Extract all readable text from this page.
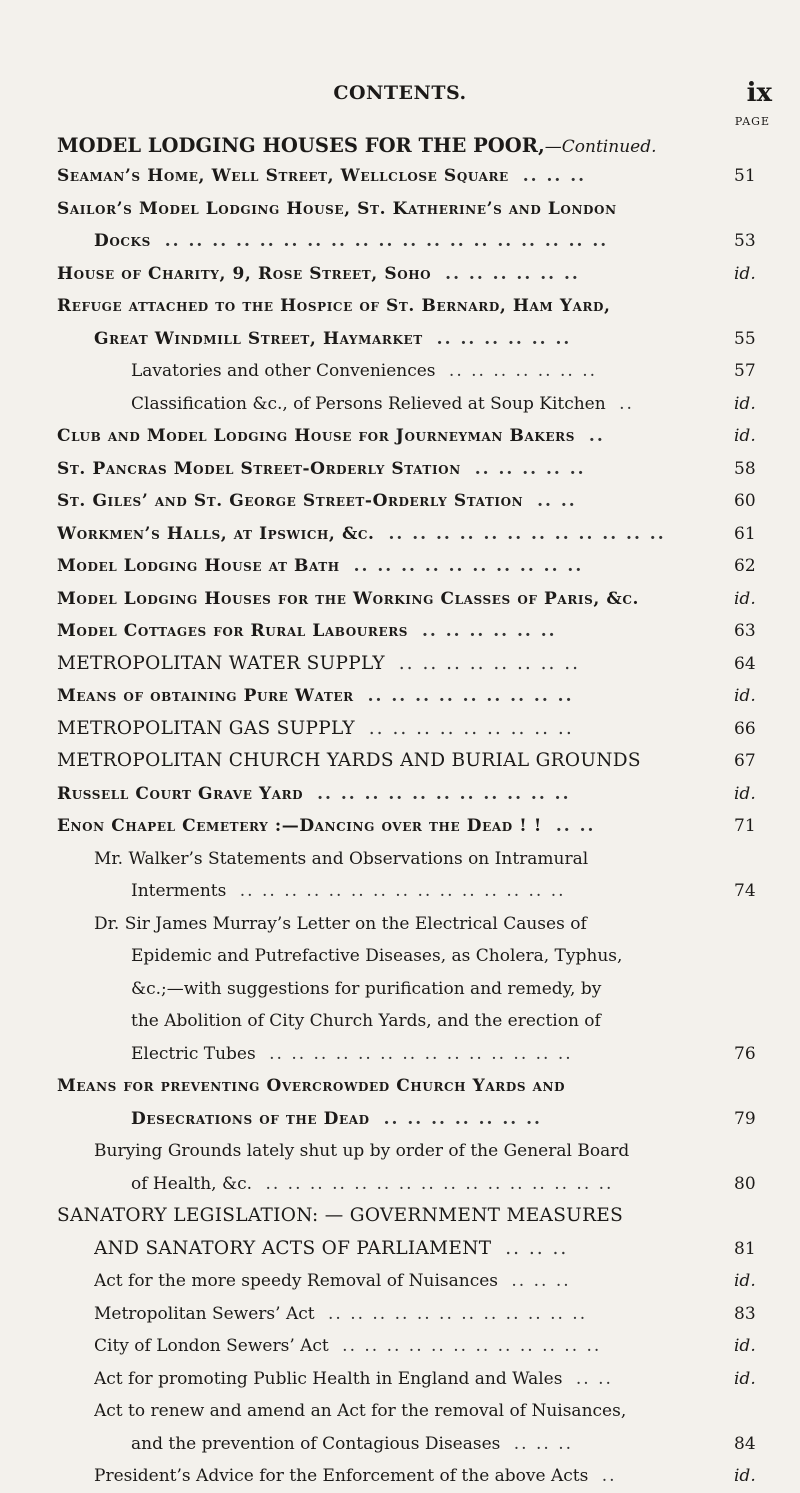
CONTENTS.	ix
PAGE
MODEL LODGING HOUSES FOR THE POOR,—Continued.
Seaman’s Home, Well Street, Wellclose Square .. .. ..	51
Sailor’s Model Lodging House, St. Katherine’s and London
Docks .. .. .. .. .. .. .. .. .. .. .. .. .. .. .. .. .. .. ..	53
House of Charity, 9, Rose Street, Soho .. .. .. .. .. ..	id.
Refuge attached to the Hospice of St. Bernard, Ham Yard,
Great Windmill Street, Haymarket .. .. .. .. .. ..	55
Lavatories and other Conveniences .. .. .. .. .. .. ..	57
Classification &c., of Persons Relieved at Soup Kitchen ..	id.
Club and Model Lodging House for Journeyman Bakers ..	id.
St. Pancras Model Street-Orderly Station .. .. .. .. ..	58
St. Giles’ and St. George Street-Orderly Station .. ..	60
Workmen’s Halls, at Ipswich, &c. .. .. .. .. .. .. .. .. .. .. .. ..	61
Model Lodging House at Bath .. .. .. .. .. .. .. .. .. ..	62
Model Lodging Houses for the Working Classes of Paris, &c.	id.
Model Cottages for Rural Labourers .. .. .. .. .. ..	63
METROPOLITAN WATER SUPPLY .. .. .. .. .. .. .. ..	64
Means of obtaining Pure Water .. .. .. .. .. .. .. .. ..	id.
METROPOLITAN GAS SUPPLY .. .. .. .. .. .. .. .. ..	66
METROPOLITAN CHURCH YARDS AND BURIAL GROUNDS	67
Russell Court Grave Yard .. .. .. .. .. .. .. .. .. .. ..	id.
Enon Chapel Cemetery :—Dancing over the Dead ! ! .. ..	71
Mr. Walker’s Statements and Observations on Intramural
Interments .. .. .. .. .. .. .. .. .. .. .. .. .. .. ..	74
Dr. Sir James Murray’s Letter on the Electrical Causes of
Epidemic and Putrefactive Diseases, as Cholera, Typhus,
&c.;—with suggestions for purification and remedy, by
the Abolition of City Church Yards, and the erection of
Electric Tubes .. .. .. .. .. .. .. .. .. .. .. .. .. ..	76
Means for preventing Overcrowded Church Yards and
Desecrations of the Dead .. .. .. .. .. .. ..	79
Burying Grounds lately shut up by order of the General Board
of Health, &c. .. .. .. .. .. .. .. .. .. .. .. .. .. .. .. ..	80
SANATORY LEGISLATION: — GOVERNMENT MEASURES
AND SANATORY ACTS OF PARLIAMENT .. .. ..	81
Act for the more speedy Removal of Nuisances .. .. ..	id.
Metropolitan Sewers’ Act .. .. .. .. .. .. .. .. .. .. .. ..	83
City of London Sewers’ Act .. .. .. .. .. .. .. .. .. .. .. ..	id.
Act for promoting Public Health in England and Wales .. ..	id.
Act to renew and amend an Act for the removal of Nuisances,
and the prevention of Contagious Diseases .. .. ..	84
President’s Advice for the Enforcement of the above Acts ..	id.
